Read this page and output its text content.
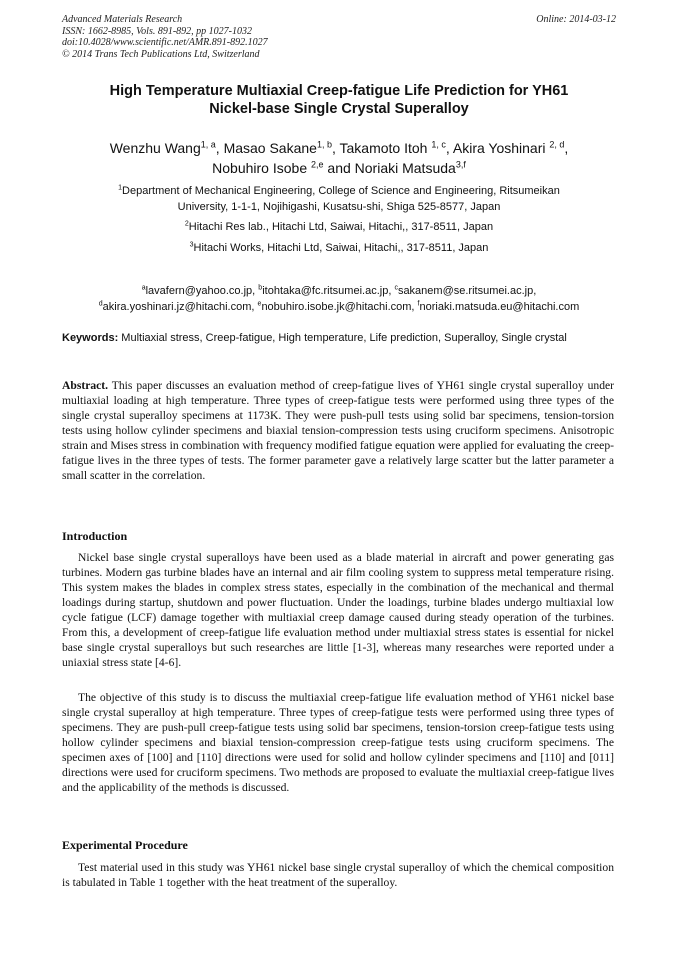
Advanced Materials Research
ISSN: 1662-8985, Vols. 891-892, pp 1027-1032
doi:10.4028/www.scientific.net/AMR.891-892.1027
© 2014 Trans Tech Publications Ltd, Switzerland
Online: 2014-03-12
High Temperature Multiaxial Creep-fatigue Life Prediction for YH61
Nickel-base Single Crystal Superalloy
Wenzhu Wang$^{1, a}$, Masao Sakane$^{1, b}$, Takamoto Itoh $^{1, c}$, Akira Yoshinari $^{2, d}$,
Nobuhiro Isobe $^{2,e}$ and Noriaki Matsuda$^{3,f}$
$^1$Department of Mechanical Engineering, College of Science and Engineering, Ritsumeikan
University, 1-1-1, Nojihigashi, Kusatsu-shi, Shiga 525-8577, Japan
$^2$Hitachi Res lab., Hitachi Ltd, Saiwai, Hitachi,, 317-8511, Japan
$^3$Hitachi Works, Hitachi Ltd, Saiwai, Hitachi,, 317-8511, Japan
$^a$lavafern@yahoo.co.jp, $^b$itohtaka@fc.ritsumei.ac.jp, $^c$sakanem@se.ritsumei.ac.jp,
$^d$akira.yoshinari.jz@hitachi.com, $^e$nobuhiro.isobe.jk@hitachi.com, $^f$noriaki.matsuda.eu@hitachi.com
Keywords: Multiaxial stress, Creep-fatigue, High temperature, Life prediction, Superalloy, Single crystal
Abstract. This paper discusses an evaluation method of creep-fatigue lives of YH61 single crystal superalloy under multiaxial loading at high temperature. Three types of creep-fatigue tests were performed using three types of the single crystal superalloy specimens at 1173K. They were push-pull tests using solid bar specimens, tension-torsion tests using hollow cylinder specimens and biaxial tension-compression tests using cruciform specimens. Anisotropic strain and Mises stress in combination with frequency modified fatigue equation were applied for evaluating the creep-fatigue lives in the three types of tests. The former parameter gave a relatively large scatter but the latter parameter a small scatter in the correlation.
Introduction
Nickel base single crystal superalloys have been used as a blade material in aircraft and power generating gas turbines. Modern gas turbine blades have an internal and air film cooling system to suppress metal temperature rising. This system makes the blades in complex stress states, especially in the combination of the mechanical and thermal loadings during startup, shutdown and power fluctuation. Under the loadings, turbine blades undergo multiaxial low cycle fatigue (LCF) damage together with multiaxial creep damage caused during steady operation of the turbines. From this, a development of creep-fatigue life evaluation method under multiaxial stress states is essential for nickel base single crystal superalloys but such researches are little [1-3], whereas many researches were reported under a uniaxial stress state [4-6].
The objective of this study is to discuss the multiaxial creep-fatigue life evaluation method of YH61 nickel base single crystal superalloy at high temperature. Three types of creep-fatigue tests were performed using three types of specimens. They are push-pull creep-fatigue tests using solid bar specimens, tension-torsion creep-fatigue tests using hollow cylinder specimens and biaxial tension-compression creep-fatigue tests using cruciform specimens. The specimen axes of [100] and [110] directions were used for solid and hollow cylinder specimens and [110] and [011] directions were used for cruciform specimens. Two methods are proposed to evaluate the multiaxial creep-fatigue lives and the applicability of the methods is discussed.
Experimental Procedure
Test material used in this study was YH61 nickel base single crystal superalloy of which the chemical composition is tabulated in Table 1 together with the heat treatment of the superalloy.
